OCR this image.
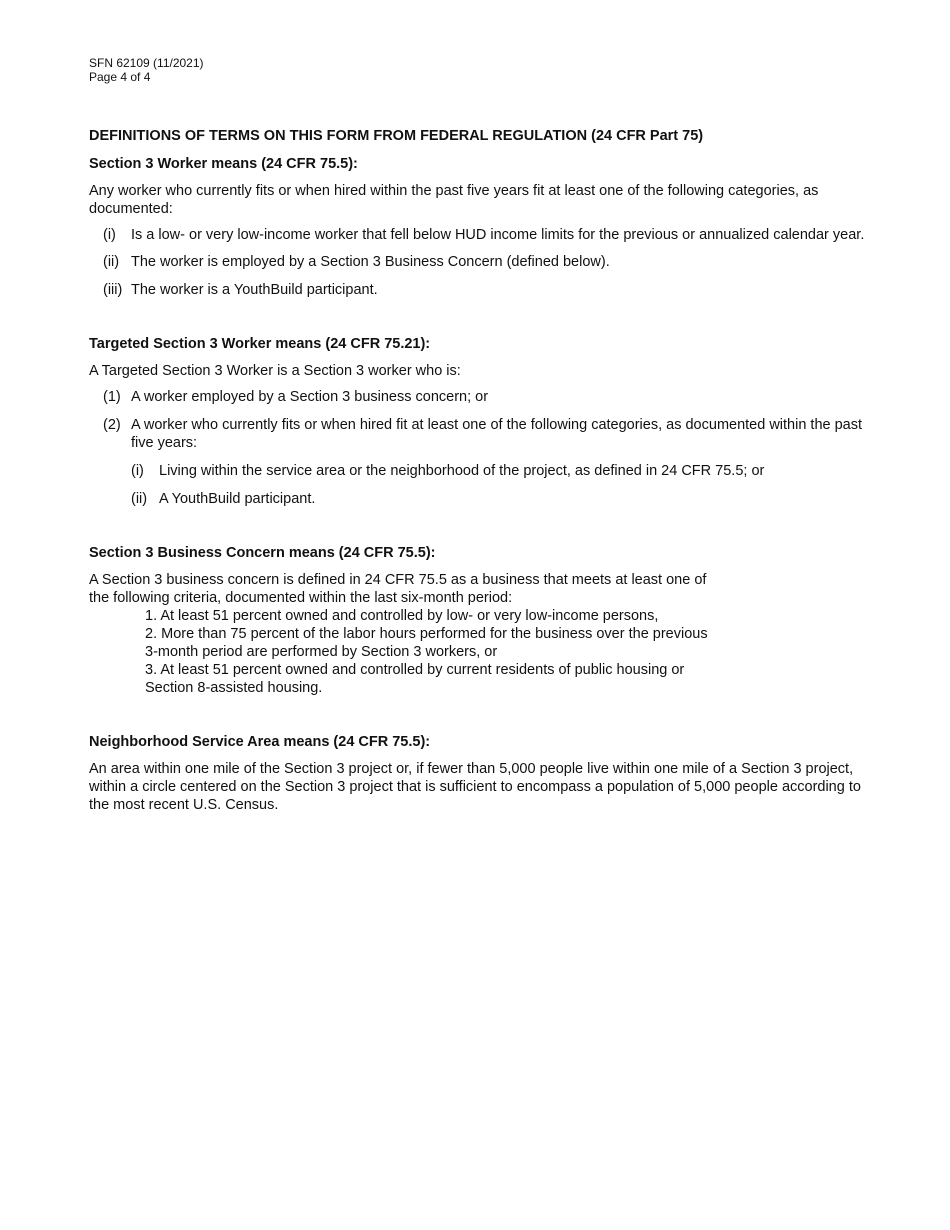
SFN 62109 (11/2021)
Page 4 of 4
DEFINITIONS OF TERMS ON THIS FORM FROM FEDERAL REGULATION (24 CFR Part 75)
Section 3 Worker means (24 CFR 75.5):
Any worker who currently fits or when hired within the past five years fit at least one of the following categories, as documented:
(i)	Is a low- or very low-income worker that fell below HUD income limits for the previous or annualized calendar year.
(ii) The worker is employed by a Section 3 Business Concern (defined below).
(iii) The worker is a YouthBuild participant.
Targeted Section 3 Worker means (24 CFR 75.21):
A Targeted Section 3 Worker is a Section 3 worker who is:
(1) A worker employed by a Section 3 business concern; or
(2) A worker who currently fits or when hired fit at least one of the following categories, as documented within the past five years:
(i)	Living within the service area or the neighborhood of the project, as defined in 24 CFR 75.5; or
(ii) A YouthBuild participant.
Section 3 Business Concern means (24 CFR 75.5):
A Section 3 business concern is defined in 24 CFR 75.5 as a business that meets at least one of
the following criteria, documented within the last six-month period:
1. At least 51 percent owned and controlled by low- or very low-income persons,
2. More than 75 percent of the labor hours performed for the business over the previous
3-month period are performed by Section 3 workers, or
3. At least 51 percent owned and controlled by current residents of public housing or
Section 8-assisted housing.
Neighborhood Service Area means (24 CFR 75.5):
An area within one mile of the Section 3 project or, if fewer than 5,000 people live within one mile of a Section 3 project, within a circle centered on the Section 3 project that is sufficient to encompass a population of 5,000 people according to the most recent U.S. Census.
